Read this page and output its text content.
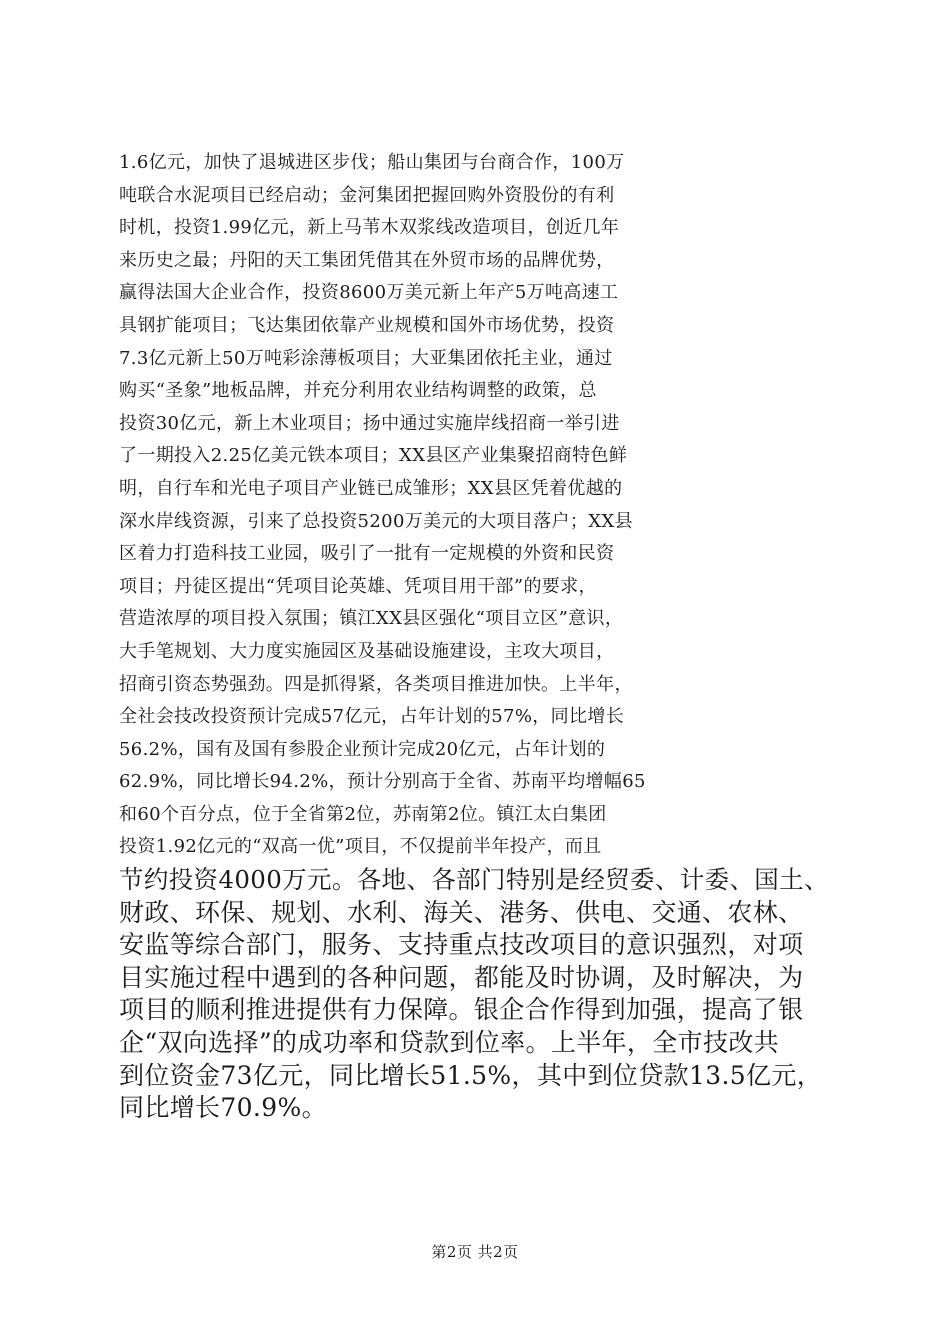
1.6亿元，加快了退城进区步伐；船山集团与台商合作，100万
吨联合水泥项目已经启动；金河集团把握回购外资股份的有利
时机，投资1.99亿元，新上马苇木双浆线改造项目，创近几年
来历史之最；丹阳的天工集团凭借其在外贸市场的品牌优势，
赢得法国大企业合作，投资8600万美元新上年产5万吨高速工
具钢扩能项目；飞达集团依靠产业规模和国外市场优势，投资
7.3亿元新上50万吨彩涂薄板项目；大亚集团依托主业，通过
购买“圣象”地板品牌，并充分利用农业结构调整的政策，总
投资30亿元，新上木业项目；扬中通过实施岸线招商一举引进
了一期投入2.25亿美元铁本项目；XX县区产业集聚招商特色鲜
明，自行车和光电子项目产业链已成雏形；XX县区凭着优越的
深水岸线资源，引来了总投资5200万美元的大项目落户；XX县
区着力打造科技工业园，吸引了一批有一定规模的外资和民资
项目；丹徒区提出“凭项目论英雄、凭项目用干部”的要求，
营造浓厚的项目投入氛围；镇江XX县区强化“项目立区”意识，
大手笔规划、大力度实施园区及基础设施建设，主攻大项目，
招商引资态势强劲。四是抓得紧，各类项目推进加快。上半年，
全社会技改投资预计完成57亿元，占年计划的57%，同比增长
56.2%，国有及国有参股企业预计完成20亿元，占年计划的
62.9%，同比增长94.2%，预计分别高于全省、苏南平均增幅65
和60个百分点，位于全省第2位，苏南第2位。镇江太白集团
投资1.92亿元的“双高一优”项目，不仅提前半年投产，而且
节约投资4000万元。各地、各部门特别是经贸委、计委、国土、
财政、环保、规划、水利、海关、港务、供电、交通、农林、
安监等综合部门，服务、支持重点技改项目的意识强烈，对项
目实施过程中遇到的各种问题，都能及时协调，及时解决，为
项目的顺利推进提供有力保障。银企合作得到加强，提高了银
企“双向选择”的成功率和贷款到位率。上半年，全市技改共
到位资金73亿元，同比增长51.5%，其中到位贷款13.5亿元，
同比增长70.9%。
第2页 共2页
